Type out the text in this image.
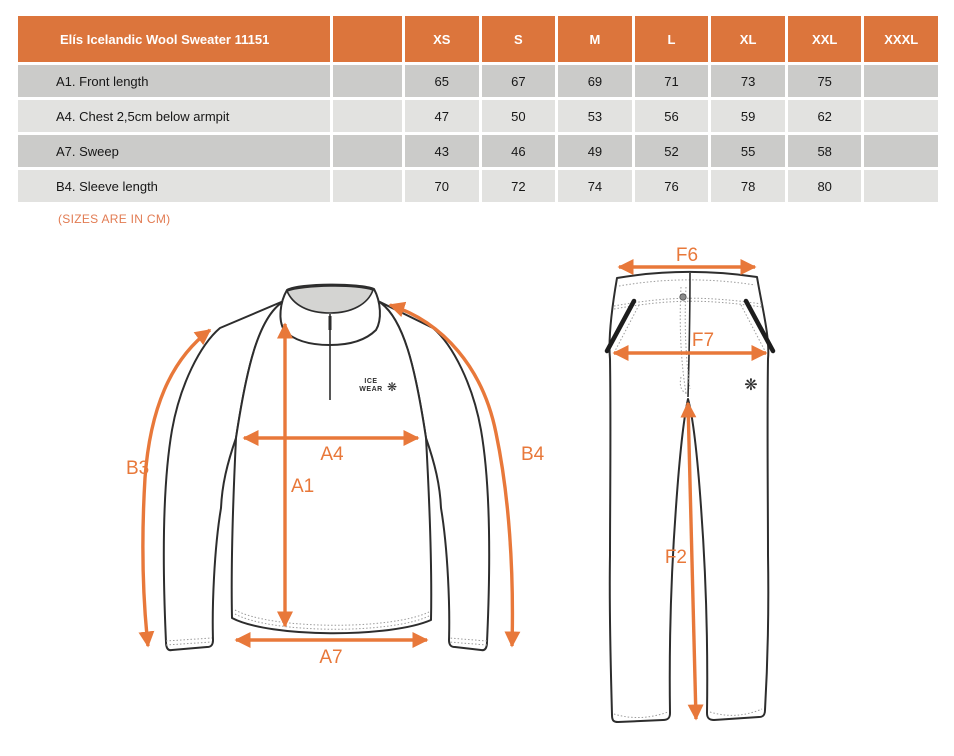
Elís Icelandic Wool Sweater 11151	XS	S	M	L	XL	XXL	XXXL
A1. Front length	65	67	69	71	73	75
A4. Chest 2,5cm below armpit	47	50	53	56	59	62
A7. Sweep	43	46	49	52	55	58
B4. Sleeve length	70	72	74	76	78	80
(SIZES ARE IN CM)
ICE
WEAR ❋
B3
A4
A1
B4
A7
❋
F6
F7
F2
